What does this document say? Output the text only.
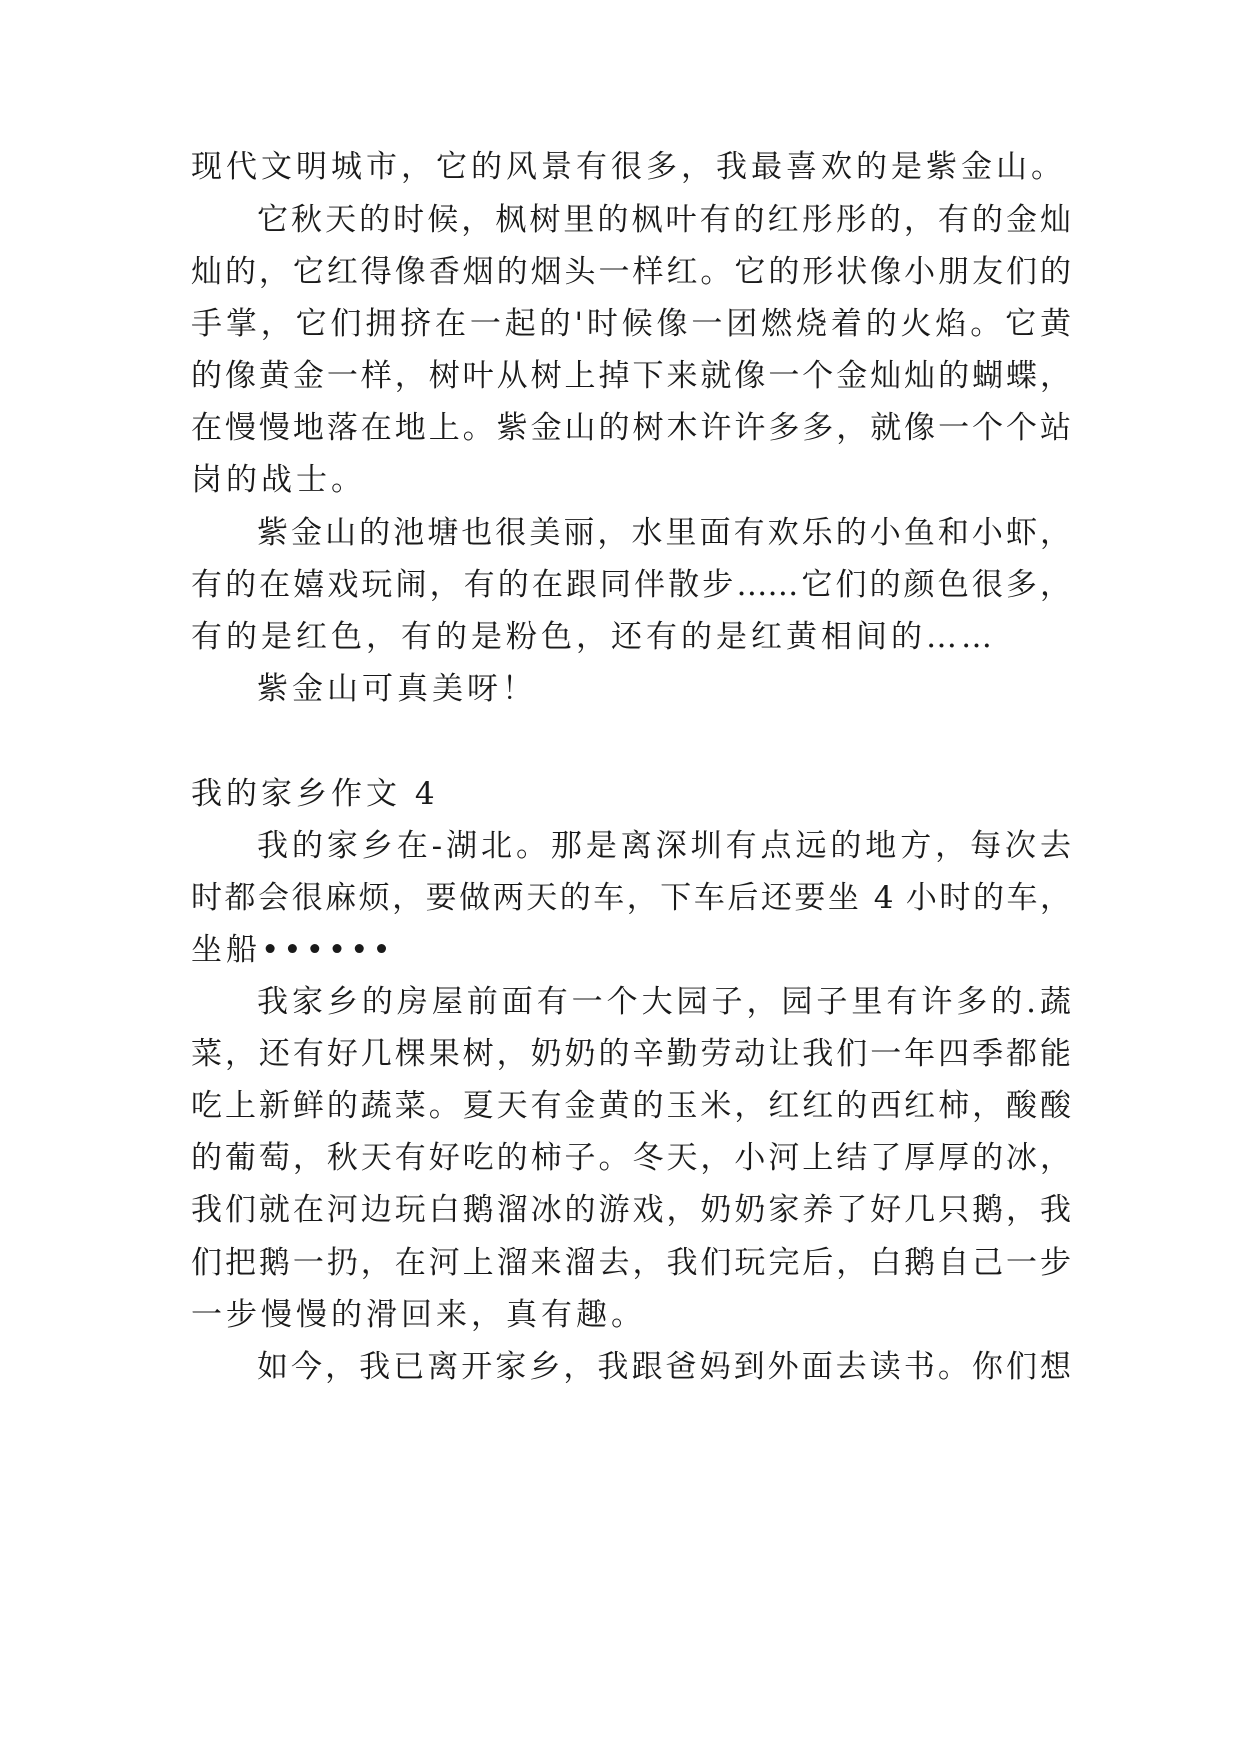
现代文明城市，它的风景有很多，我最喜欢的是紫金山。
它秋天的时候，枫树里的枫叶有的红彤彤的，有的金灿
灿的，它红得像香烟的烟头一样红。它的形状像小朋友们的
手掌，它们拥挤在一起的'时候像一团燃烧着的火焰。它黄
的像黄金一样，树叶从树上掉下来就像一个金灿灿的蝴蝶，
在慢慢地落在地上。紫金山的树木许许多多，就像一个个站
岗的战士。
紫金山的池塘也很美丽，水里面有欢乐的小鱼和小虾，
有的在嬉戏玩闹，有的在跟同伴散步……它们的颜色很多，
有的是红色，有的是粉色，还有的是红黄相间的……
紫金山可真美呀！
我的家乡作文 4
我的家乡在-湖北。那是离深圳有点远的地方，每次去
时都会很麻烦，要做两天的车，下车后还要坐 4 小时的车，
坐船••••••
我家乡的房屋前面有一个大园子，园子里有许多的.蔬
菜，还有好几棵果树，奶奶的辛勤劳动让我们一年四季都能
吃上新鲜的蔬菜。夏天有金黄的玉米，红红的西红柿，酸酸
的葡萄，秋天有好吃的柿子。冬天，小河上结了厚厚的冰，
我们就在河边玩白鹅溜冰的游戏，奶奶家养了好几只鹅，我
们把鹅一扔，在河上溜来溜去，我们玩完后，白鹅自己一步
一步慢慢的滑回来，真有趣。
如今，我已离开家乡，我跟爸妈到外面去读书。你们想
